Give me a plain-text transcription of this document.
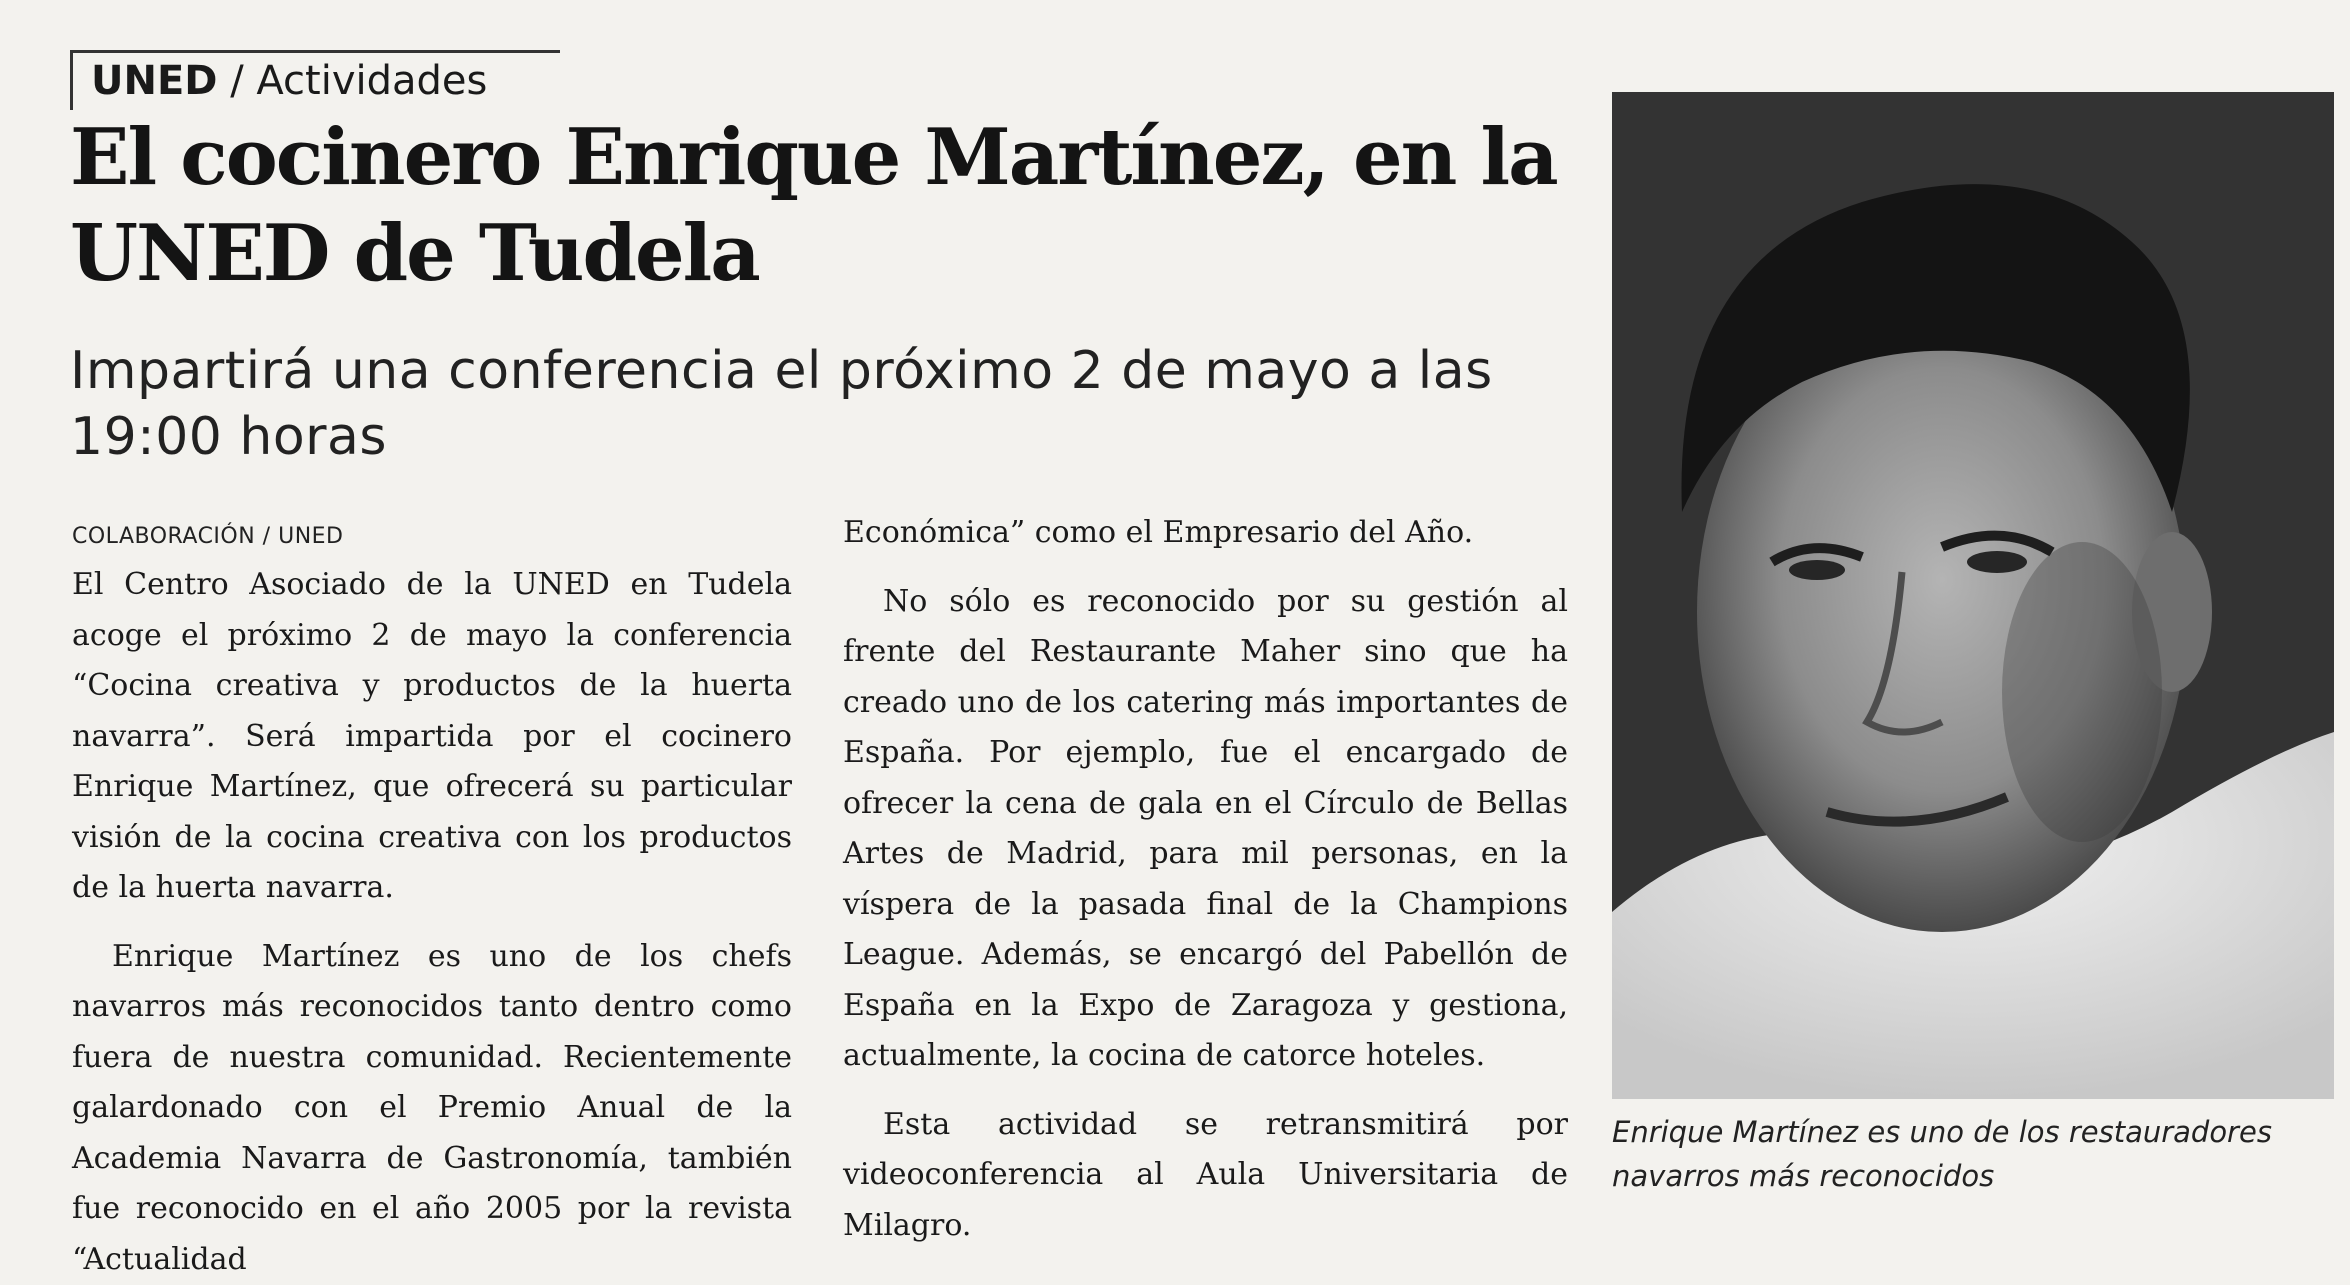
UNED / Actividades
El cocinero Enrique Martínez, en la UNED de Tudela
Impartirá una conferencia el próximo 2 de mayo a las 19:00 horas
COLABORACIÓN / UNED

El Centro Asociado de la UNED en Tudela acoge el próximo 2 de mayo la conferencia “Cocina creativa y productos de la huerta navarra”. Será impartida por el cocinero Enrique Martínez, que ofrecerá su particular visión de la cocina creativa con los productos de la huerta navarra.

Enrique Martínez es uno de los chefs navarros más reconocidos tanto dentro como fuera de nuestra comunidad. Recientemente galardonado con el Premio Anual de la Academia Navarra de Gastronomía, también fue reconocido en el año 2005 por la revista “Actualidad

Económica” como el Empresario del Año.

No sólo es reconocido por su gestión al frente del Restaurante Maher sino que ha creado uno de los catering más importantes de España. Por ejemplo, fue el encargado de ofrecer la cena de gala en el Círculo de Bellas Artes de Madrid, para mil personas, en la víspera de la pasada final de la Champions League. Además, se encargó del Pabellón de España en la Expo de Zaragoza y gestiona, actualmente, la cocina de catorce hoteles.

Esta actividad se retransmitirá por videoconferencia al Aula Universitaria de Milagro.

Enrique Martínez es uno de los restauradores navarros más reconocidos
